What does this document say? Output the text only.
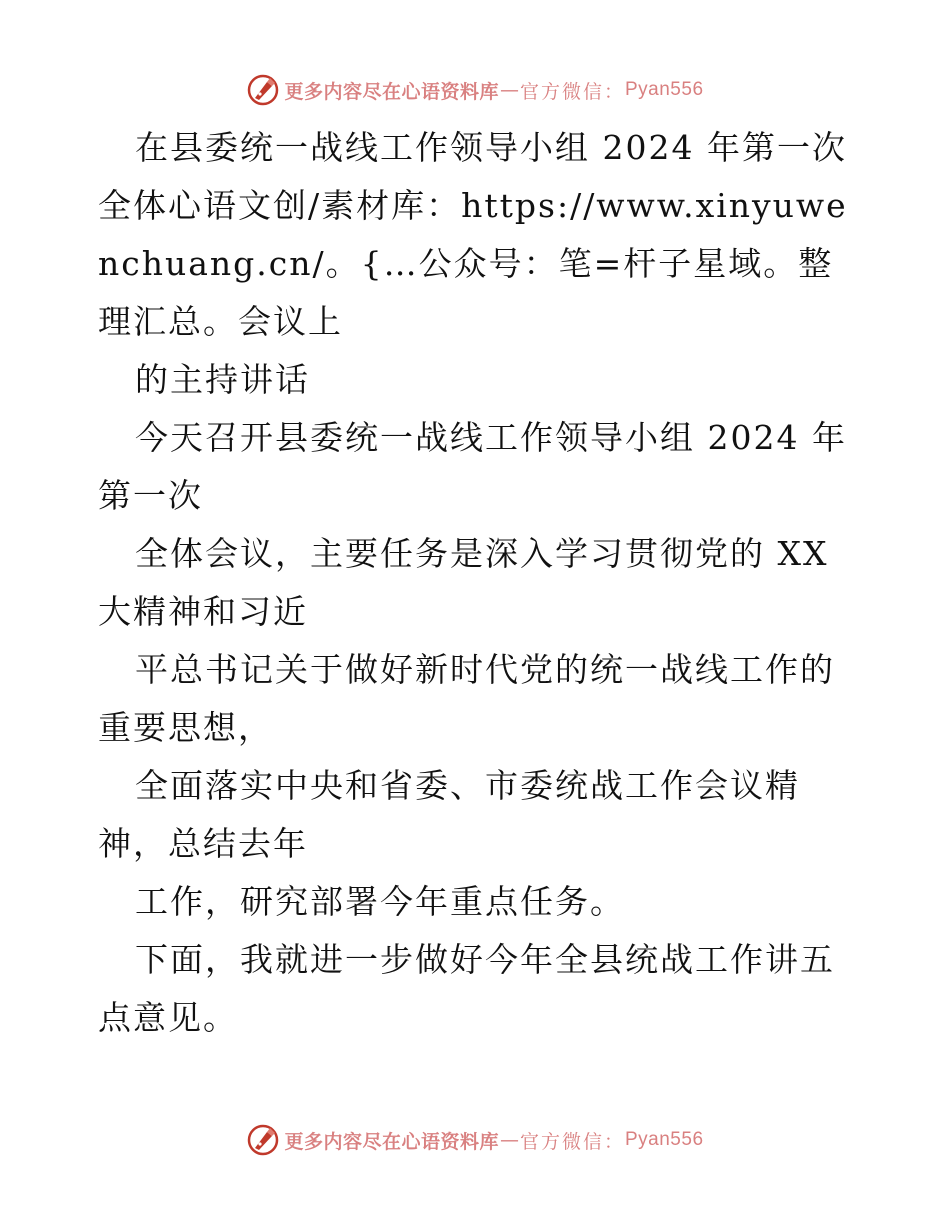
更多内容尽在心语资料库 — 官方微信： Pyan556

在县委统一战线工作领导小组 2024 年第一次全体心语文创/素材库：https://www.xinyuwenchuang.cn/。{…公众号：笔=杆子星域。整理汇总。会议上

的主持讲话

今天召开县委统一战线工作领导小组 2024 年第一次

全体会议，主要任务是深入学习贯彻党的 XX 大精神和习近

平总书记关于做好新时代党的统一战线工作的重要思想，

全面落实中央和省委、市委统战工作会议精神，总结去年

工作，研究部署今年重点任务。

下面，我就进一步做好今年全县统战工作讲五点意见。

更多内容尽在心语资料库 — 官方微信： Pyan556
